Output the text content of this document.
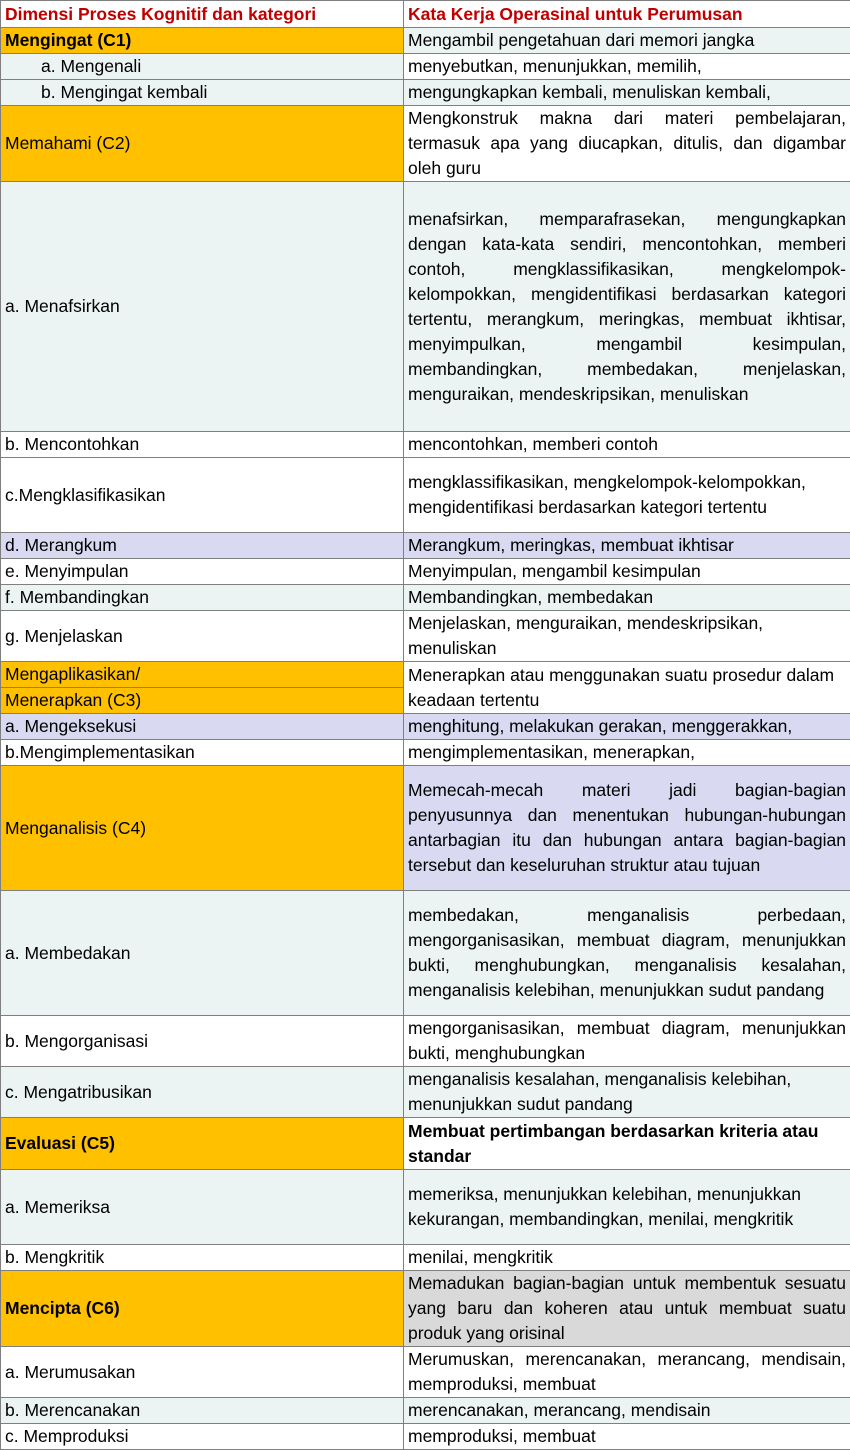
Dimensi Proses Kognitif dan kategori	Kata Kerja Operasinal untuk Perumusan
Mengingat (C1)	Mengambil pengetahuan dari memori jangka
a. Mengenali	menyebutkan, menunjukkan, memilih,
b. Mengingat kembali	mengungkapkan kembali, menuliskan kembali,
Memahami (C2)	Mengkonstruk makna dari materi pembelajaran, termasuk apa yang diucapkan, ditulis, dan digambar oleh guru
a. Menafsirkan	menafsirkan, memparafrasekan, mengungkapkan dengan kata-kata sendiri, mencontohkan, memberi contoh, mengklassifikasikan, mengkelompok-kelompokkan, mengidentifikasi berdasarkan kategori tertentu, merangkum, meringkas, membuat ikhtisar, menyimpulkan, mengambil kesimpulan, membandingkan, membedakan, menjelaskan, menguraikan, mendeskripsikan, menuliskan
b. Mencontohkan	mencontohkan, memberi contoh
c.Mengklasifikasikan	mengklassifikasikan, mengkelompok-kelompokkan, mengidentifikasi berdasarkan kategori tertentu
d. Merangkum	Merangkum, meringkas, membuat ikhtisar
e. Menyimpulan	Menyimpulan, mengambil kesimpulan
f. Membandingkan	Membandingkan, membedakan
g. Menjelaskan	Menjelaskan, menguraikan, mendeskripsikan, menuliskan
Mengaplikasikan/	Menerapkan atau menggunakan suatu prosedur dalam keadaan tertentu
Menerapkan (C3)	
a. Mengeksekusi	menghitung, melakukan gerakan, menggerakkan,
b.Mengimplementasikan	mengimplementasikan, menerapkan,
Menganalisis (C4)	Memecah-mecah materi jadi bagian-bagian penyusunnya dan menentukan hubungan-hubungan antarbagian itu dan hubungan antara bagian-bagian tersebut dan keseluruhan struktur atau tujuan
a. Membedakan	membedakan, menganalisis perbedaan, mengorganisasikan, membuat diagram, menunjukkan bukti, menghubungkan, menganalisis kesalahan, menganalisis kelebihan, menunjukkan sudut pandang
b. Mengorganisasi	mengorganisasikan, membuat diagram, menunjukkan bukti, menghubungkan
c. Mengatribusikan	menganalisis kesalahan, menganalisis kelebihan, menunjukkan sudut pandang
Evaluasi (C5)	Membuat pertimbangan berdasarkan kriteria atau standar
a. Memeriksa	memeriksa, menunjukkan kelebihan, menunjukkan kekurangan, membandingkan, menilai, mengkritik
b. Mengkritik	menilai, mengkritik
Mencipta (C6)	Memadukan bagian-bagian untuk membentuk sesuatu yang baru dan koheren atau untuk membuat suatu produk yang orisinal
a. Merumusakan	Merumuskan, merencanakan, merancang, mendisain, memproduksi, membuat
b. Merencanakan	merencanakan, merancang, mendisain
c. Memproduksi	memproduksi, membuat
